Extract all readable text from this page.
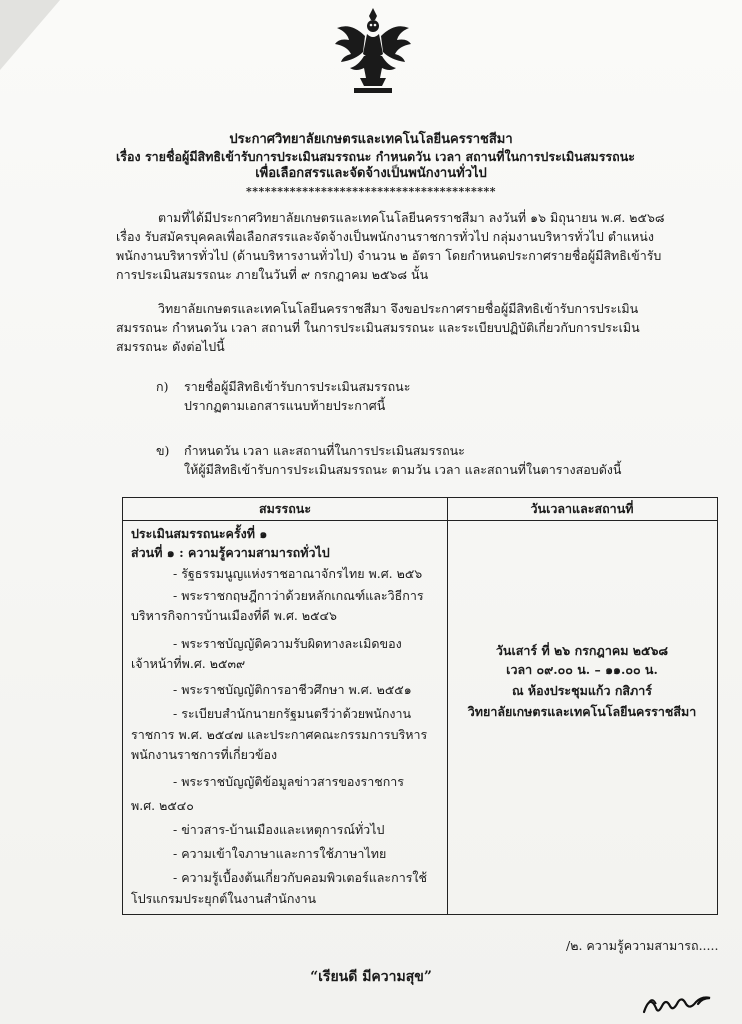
ประกาศวิทยาลัยเกษตรและเทคโนโลยีนครราชสีมา
เรื่อง รายชื่อผู้มีสิทธิเข้ารับการประเมินสมรรถนะ กำหนดวัน เวลา สถานที่ในการประเมินสมรรถนะ
เพื่อเลือกสรรและจัดจ้างเป็นพนักงานทั่วไป
****************************************
ตามที่ได้มีประกาศวิทยาลัยเกษตรและเทคโนโลยีนครราชสีมา ลงวันที่ ๑๖ มิถุนายน พ.ศ. ๒๕๖๘
เรื่อง รับสมัครบุคคลเพื่อเลือกสรรและจัดจ้างเป็นพนักงานราชการทั่วไป กลุ่มงานบริหารทั่วไป ตำแหน่ง
พนักงานบริหารทั่วไป (ด้านบริหารงานทั่วไป) จำนวน ๒ อัตรา โดยกำหนดประกาศรายชื่อผู้มีสิทธิเข้ารับ
การประเมินสมรรถนะ ภายในวันที่ ๙ กรกฎาคม ๒๕๖๘ นั้น
วิทยาลัยเกษตรและเทคโนโลยีนครราชสีมา จึงขอประกาศรายชื่อผู้มีสิทธิเข้ารับการประเมิน
สมรรถนะ กำหนดวัน เวลา สถานที่ ในการประเมินสมรรถนะ และระเบียบปฏิบัติเกี่ยวกับการประเมิน
สมรรถนะ ดังต่อไปนี้
ก) รายชื่อผู้มีสิทธิเข้ารับการประเมินสมรรถนะ
ปรากฏตามเอกสารแนบท้ายประกาศนี้
ข) กำหนดวัน เวลา และสถานที่ในการประเมินสมรรถนะ
ให้ผู้มีสิทธิเข้ารับการประเมินสมรรถนะ ตามวัน เวลา และสถานที่ในตารางสอบดังนี้
สมรรถนะ	วันเวลาและสถานที่
ประเมินสมรรถนะครั้งที่ ๑
ส่วนที่ ๑ : ความรู้ความสามารถทั่วไป
- รัฐธรรมนูญแห่งราชอาณาจักรไทย พ.ศ. ๒๕๖
- พระราชกฤษฎีกาว่าด้วยหลักเกณฑ์และวิธีการ
บริหารกิจการบ้านเมืองที่ดี พ.ศ. ๒๕๔๖
- พระราชบัญญัติความรับผิดทางละเมิดของ
เจ้าหน้าที่พ.ศ. ๒๕๓๙
- พระราชบัญญัติการอาชีวศึกษา พ.ศ. ๒๕๕๑
- ระเบียบสำนักนายกรัฐมนตรีว่าด้วยพนักงาน
ราชการ พ.ศ. ๒๕๔๗ และประกาศคณะกรรมการบริหาร
พนักงานราชการที่เกี่ยวข้อง
- พระราชบัญญัติข้อมูลข่าวสารของราชการ
พ.ศ. ๒๕๔๐
- ข่าวสาร-บ้านเมืองและเหตุการณ์ทั่วไป
- ความเข้าใจภาษาและการใช้ภาษาไทย
- ความรู้เบื้องต้นเกี่ยวกับคอมพิวเตอร์และการใช้
โปรแกรมประยุกต์ในงานสำนักงาน
วันเสาร์ ที่ ๒๖ กรกฎาคม ๒๕๖๘
เวลา ๐๙.๐๐ น. – ๑๑.๐๐ น.
ณ ห้องประชุมแก้ว กสิภาร์
วิทยาลัยเกษตรและเทคโนโลยีนครราชสีมา
/๒. ความรู้ความสามารถ.....
“เรียนดี มีความสุข”
